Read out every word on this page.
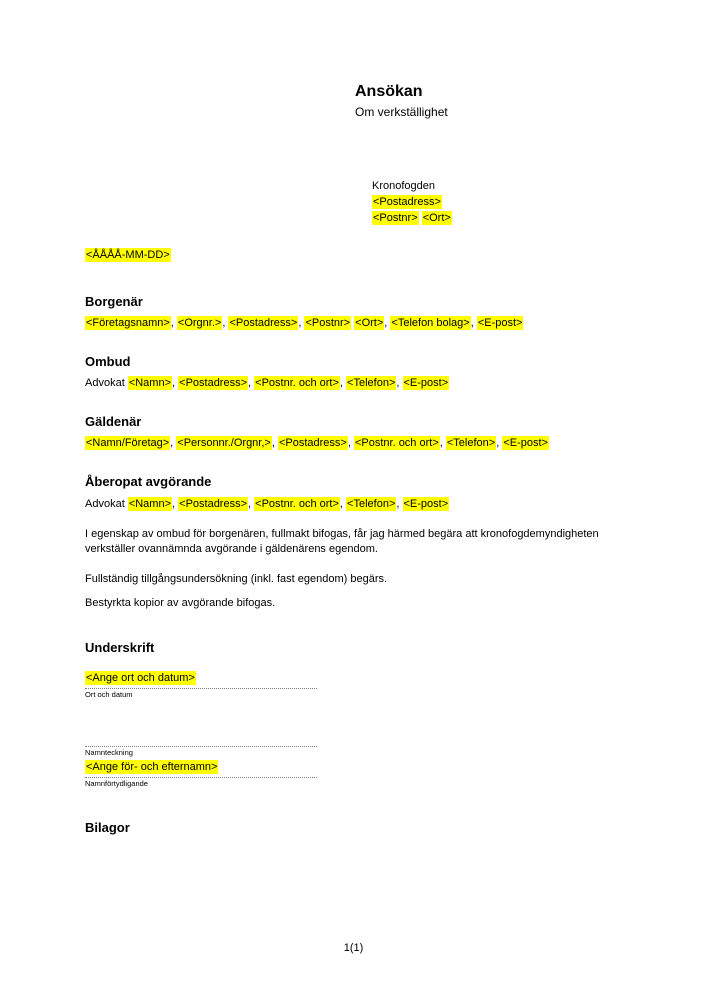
Ansökan
Om verkställighet
Kronofogden
<Postadress>
<Postnr> <Ort>
<ÅÅÅÅ-MM-DD>
Borgenär
<Företagsnamn>, <Orgnr.>, <Postadress>, <Postnr> <Ort>, <Telefon bolag>, <E-post>
Ombud
Advokat <Namn>, <Postadress>, <Postnr. och ort>, <Telefon>, <E-post>
Gäldenär
<Namn/Företag>, <Personnr./Orgnr,>, <Postadress>, <Postnr. och ort>, <Telefon>, <E-post>
Åberopat avgörande
Advokat <Namn>, <Postadress>, <Postnr. och ort>, <Telefon>, <E-post>
I egenskap av ombud för borgenären, fullmakt bifogas, får jag härmed begära att kronofogdemyndigheten verkställer ovannämnda avgörande i gäldenärens egendom.
Fullständig tillgångsundersökning (inkl. fast egendom) begärs.
Bestyrkta kopior av avgörande bifogas.
Underskrift
<Ange ort och datum>
Ort och datum
Namnteckning
<Ange för- och efternamn>
Namnförtydligande
Bilagor
1(1)
